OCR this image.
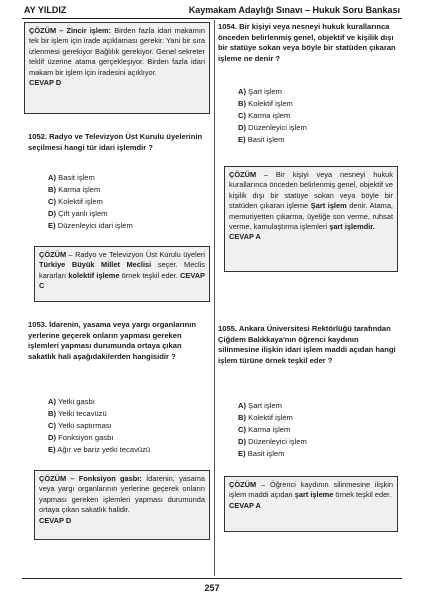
AY YILDIZ	Kaymakam Adaylığı Sınavı – Hukuk Soru Bankası
ÇÖZÜM – Zincir işlem: Birden fazla idari makamın tek bir işlem için irade açıklaması gerekir. Yani bir sıra izlenmesi gerekiyor Bağlılık gerekiyor. Genel sekreter teklif üzerine atama gerçekleşiyor. Birden fazla idari makam bir işlem için iradesini açıklıyor.
CEVAP D
1052. Radyo ve Televizyon Üst Kurulu üyelerinin seçilmesi hangi tür idari işlemdir ?
A) Basit işlem
B) Karma işlem
C) Kolektif işlem
D) Çift yanlı işlem
E) Düzenleyici idari işlem
ÇÖZÜM – Radyo ve Televizyon Üst Kurulu üyeleri Türkiye Büyük Millet Meclisi seçer. Meclis kararları kolektif işleme örnek teşkil eder. CEVAP C
1053. İdarenin, yasama veya yargı organlarının yerlerine geçerek onların yapması gereken işlemleri yapması durumunda ortaya çıkan sakatlık hali aşağıdakilerden hangisidir ?
A) Yetki gasbı
B) Yetki tecavüzü
C) Yetki saptırması
D) Fonksiyon gasbı
E) Ağır ve bariz yetki tecavüzü
ÇÖZÜM – Fonksiyon gasbı: İdarenin, yasama veya yargı organlarının yerlerine geçerek onların yapması gereken işlemleri yapması durumunda ortaya çıkan sakatlık halidir.
CEVAP D
1054. Bir kişiyi veya nesneyi hukuk kurallarınca önceden belirlenmiş genel, objektif ve kişilik dışı bir statüye sokan veya böyle bir statüden çıkaran işleme ne denir ?
A) Şart işlem
B) Kolektif işlem
C) Karma işlem
D) Düzenleyici işlem
E) Basit işlem
ÇÖZÜM – Bir kişiyi veya nesneyi hukuk kurallarınca önceden belirlenmiş genel, objektif ve kişilik dışı bir statüye sokan veya böyle bir statüden çıkaran işleme Şart işlem denir. Atama, memuriyetten çıkarma, üyeliğe son verme, ruhsat verme, kamulaştırma işlemleri şart işlemdir.
CEVAP A
1055. Ankara Üniversitesi Rektörlüğü tarafından Çiğdem Balıkkaya'nın öğrenci kaydının silinmesine ilişkin idari işlem maddi açıdan hangi işlem türüne örnek teşkil eder ?
A) Şart işlem
B) Kolektif işlem
C) Karma işlem
D) Düzenleyici işlem
E) Basit işlem
ÇÖZÜM – Öğrenci kaydının silinmesine ilişkin işlem maddi açıdan şart işleme örnek teşkil eder.
CEVAP A
257
